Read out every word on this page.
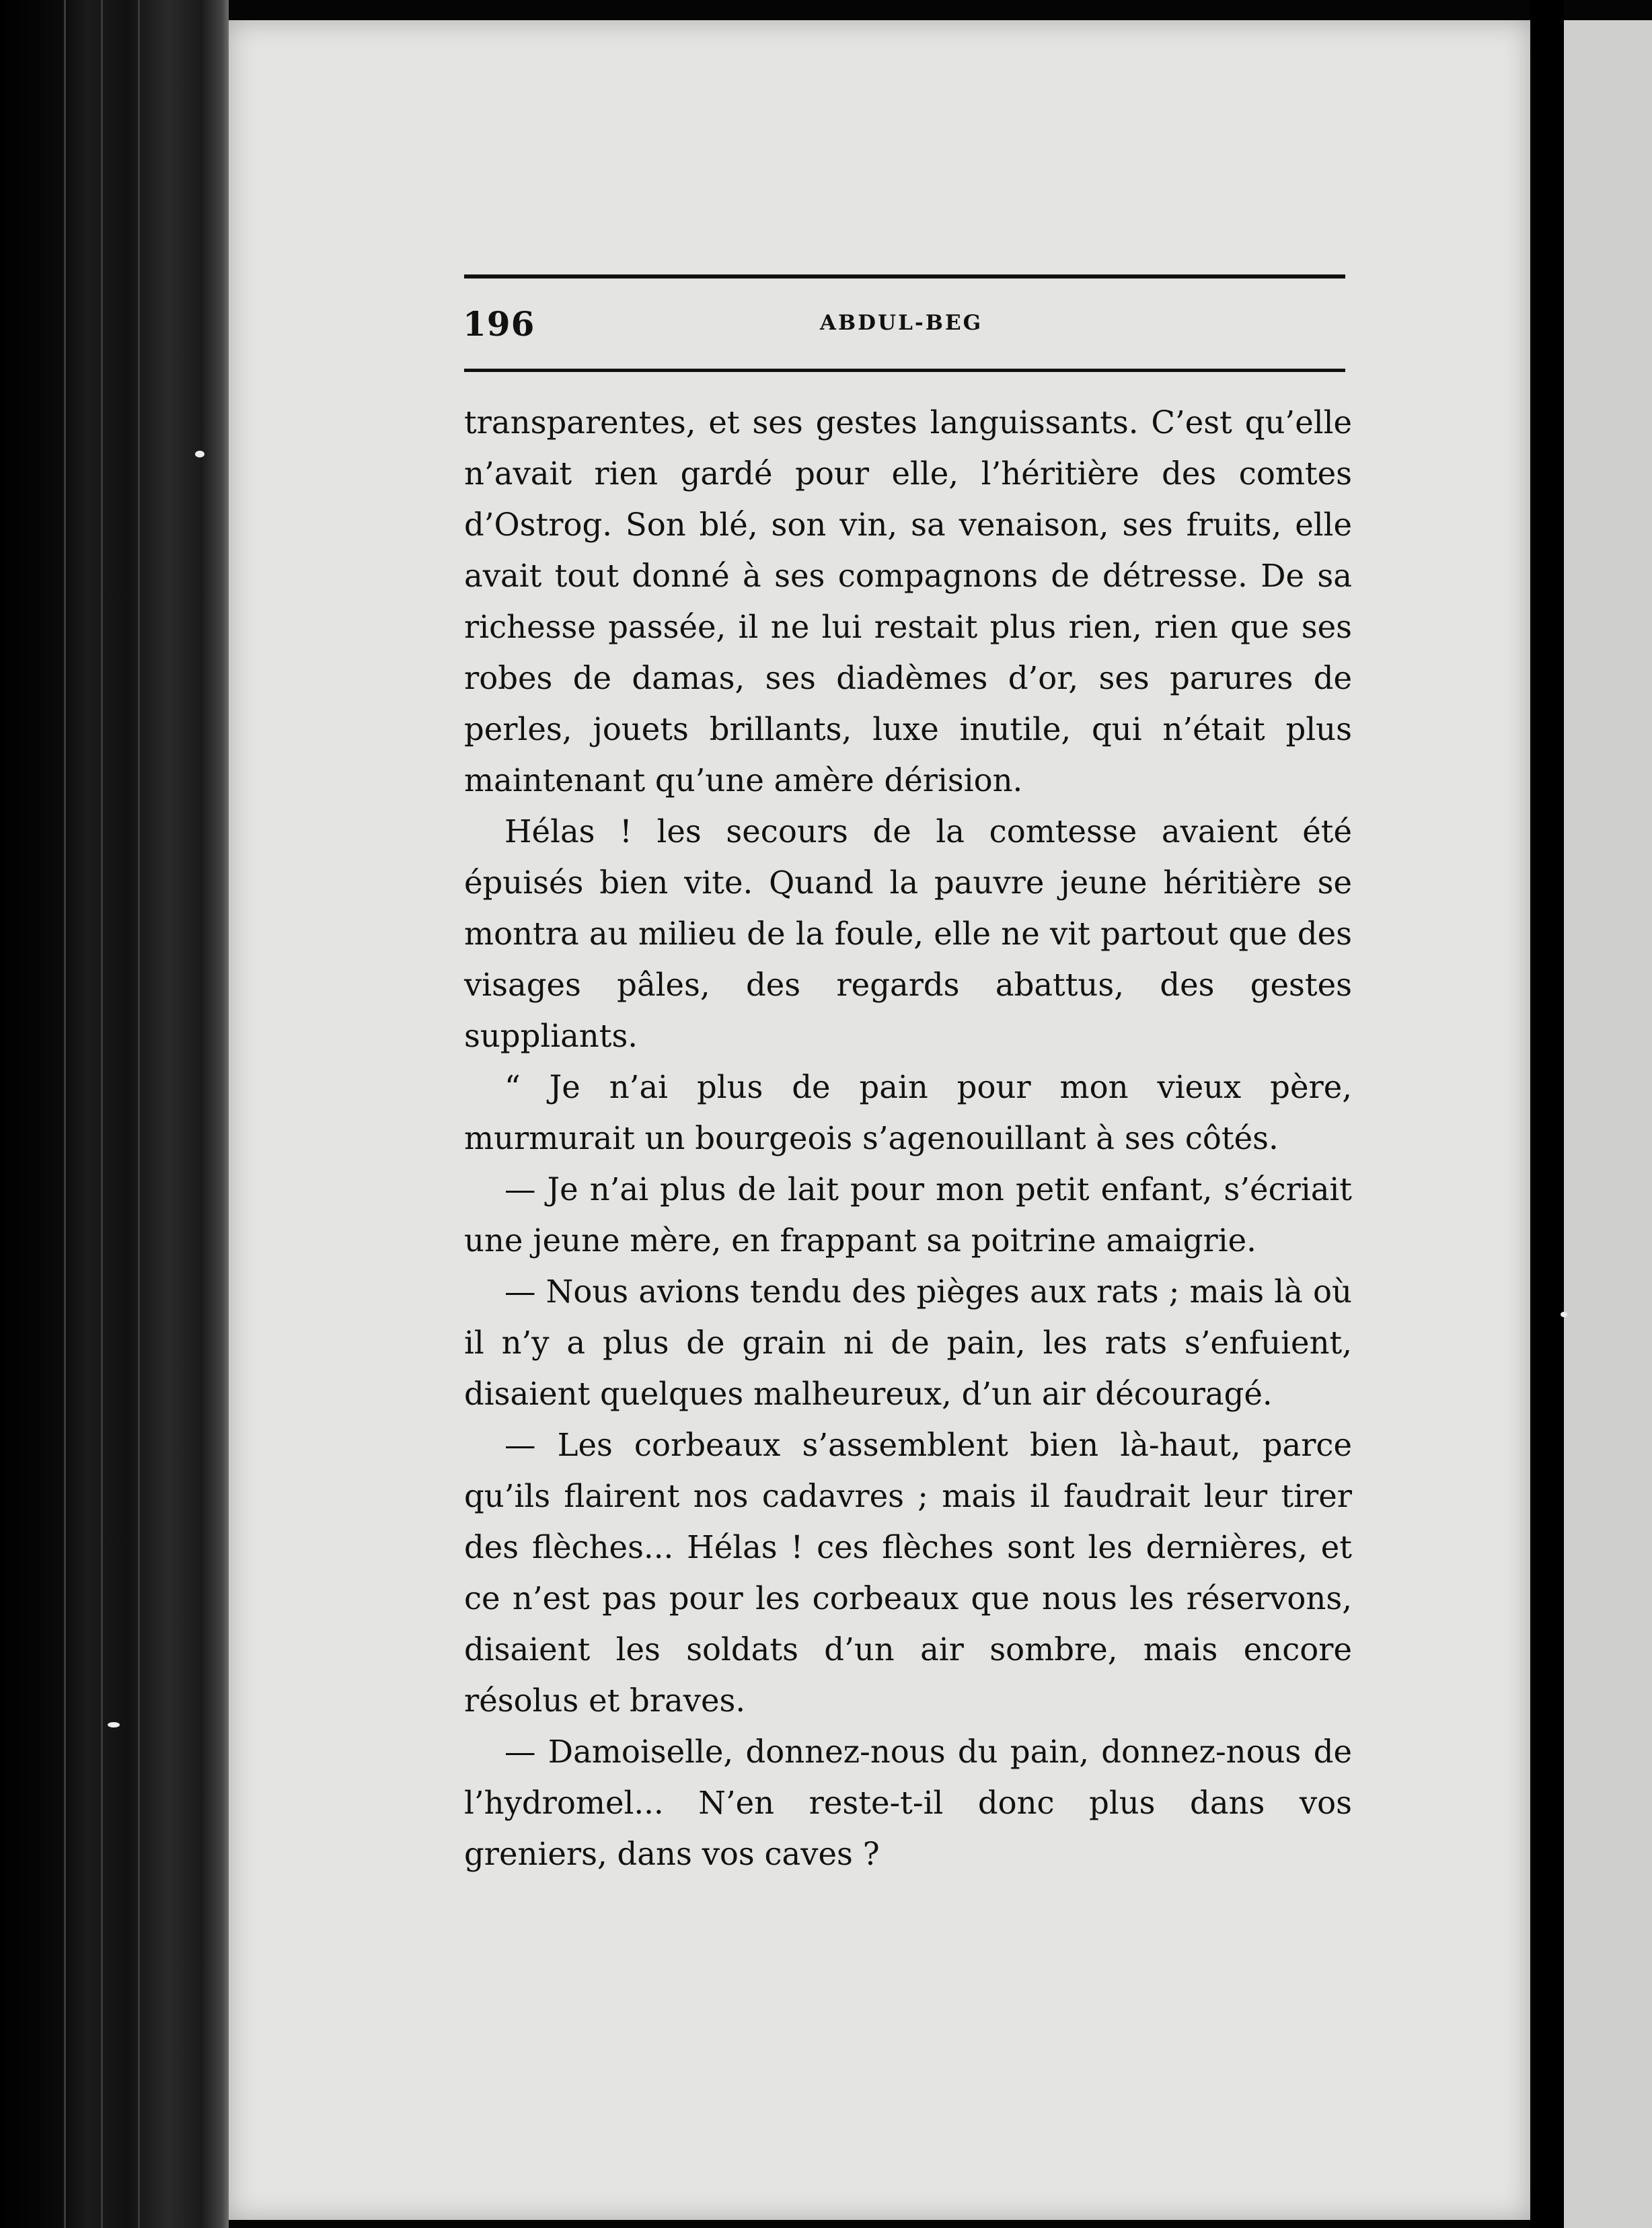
196	ABDUL-BEG

transparentes, et ses gestes languissants. C’est qu’elle n’avait rien gardé pour elle, l’héritière des comtes d’Ostrog. Son blé, son vin, sa venaison, ses fruits, elle avait tout donné à ses compagnons de détresse. De sa richesse passée, il ne lui restait plus rien, rien que ses robes de damas, ses diadèmes d’or, ses parures de perles, jouets brillants, luxe inutile, qui n’était plus maintenant qu’une amère dérision.

Hélas ! les secours de la comtesse avaient été épuisés bien vite. Quand la pauvre jeune héritière se montra au milieu de la foule, elle ne vit partout que des visages pâles, des regards abattus, des gestes suppliants.

“ Je n’ai plus de pain pour mon vieux père, murmurait un bourgeois s’agenouillant à ses côtés.

— Je n’ai plus de lait pour mon petit enfant, s’écriait une jeune mère, en frappant sa poitrine amaigrie.

— Nous avions tendu des pièges aux rats ; mais là où il n’y a plus de grain ni de pain, les rats s’enfuient, disaient quelques malheureux, d’un air découragé.

— Les corbeaux s’assemblent bien là-haut, parce qu’ils flairent nos cadavres ; mais il faudrait leur tirer des flèches... Hélas ! ces flèches sont les dernières, et ce n’est pas pour les corbeaux que nous les réservons, disaient les soldats d’un air sombre, mais encore résolus et braves.

— Damoiselle, donnez-nous du pain, donnez-nous de l’hydromel... N’en reste-t-il donc plus dans vos greniers, dans vos caves ?
